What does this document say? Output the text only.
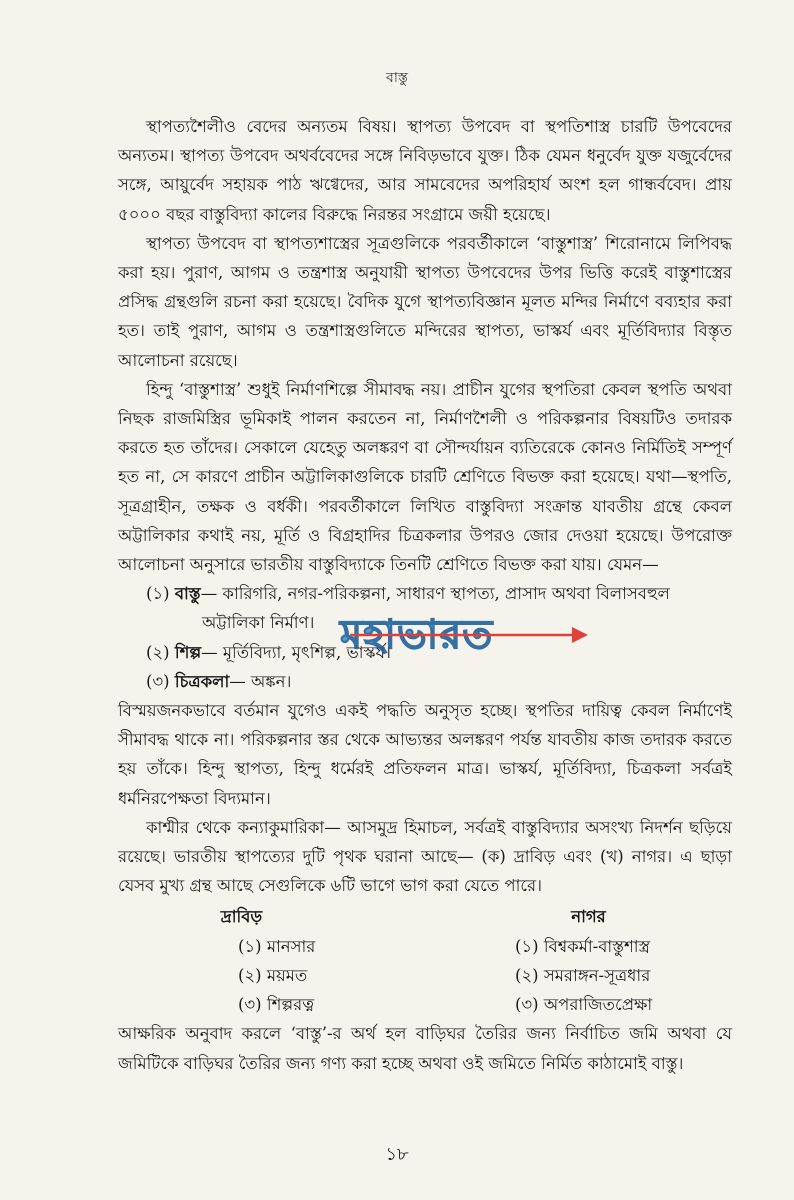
বাস্তু

স্থাপত্যশৈলীও বেদের অন্যতম বিষয়। স্থাপত্য উপবেদ বা স্থপতিশাস্ত্র চারটি উপবেদের অন্যতম। স্থাপত্য উপবেদ অথর্ববেদের সঙ্গে নিবিড়ভাবে যুক্ত। ঠিক যেমন ধনুর্বেদ যুক্ত যজুর্বেদের সঙ্গে, আয়ুর্বেদ সহায়ক পাঠ ঋগ্বেদের, আর সামবেদের অপরিহার্য অংশ হল গান্ধর্ববেদ। প্রায় ৫০০০ বছর বাস্তুবিদ্যা কালের বিরুদ্ধে নিরন্তর সংগ্রামে জয়ী হয়েছে।

স্থাপত্য উপবেদ বা স্থাপত্যশাস্ত্রের সূত্রগুলিকে পরবর্তীকালে ‘বাস্তুশাস্ত্র’ শিরোনামে লিপিবদ্ধ করা হয়। পুরাণ, আগম ও তন্ত্রশাস্ত্র অনুযায়ী স্থাপত্য উপবেদের উপর ভিত্তি করেই বাস্তুশাস্ত্রের প্রসিদ্ধ গ্রন্থগুলি রচনা করা হয়েছে। বৈদিক যুগে স্থাপত্যবিজ্ঞান মূলত মন্দির নির্মাণে বব্যহার করা হত। তাই পুরাণ, আগম ও তন্ত্রশাস্ত্রগুলিতে মন্দিরের স্থাপত্য, ভাস্কর্য এবং মূর্তিবিদ্যার বিস্তৃত আলোচনা রয়েছে।

হিন্দু ‘বাস্তুশাস্ত্র’ শুধুই নির্মাণশিল্পে সীমাবদ্ধ নয়। প্রাচীন যুগের স্থপতিরা কেবল স্থপতি অথবা নিছক রাজমিস্ত্রির ভূমিকাই পালন করতেন না, নির্মাণশৈলী ও পরিকল্পনার বিষয়টিও তদারক করতে হত তাঁদের। সেকালে যেহেতু অলঙ্করণ বা সৌন্দর্যায়ন ব্যতিরেকে কোনও নির্মিতিই সম্পূর্ণ হত না, সে কারণে প্রাচীন অট্টালিকাগুলিকে চারটি শ্রেণিতে বিভক্ত করা হয়েছে। যথা—স্থপতি, সূত্রগ্রাহীন, তক্ষক ও বর্ধকী। পরবর্তীকালে লিখিত বাস্তুবিদ্যা সংক্রান্ত যাবতীয় গ্রন্থে কেবল অট্টালিকার কথাই নয়, মূর্তি ও বিগ্রহাদির চিত্রকলার উপরও জোর দেওয়া হয়েছে। উপরোক্ত আলোচনা অনুসারে ভারতীয় বাস্তুবিদ্যাকে তিনটি শ্রেণিতে বিভক্ত করা যায়। যেমন—

(১) বাস্তু— কারিগরি, নগর-পরিকল্পনা, সাধারণ স্থাপত্য, প্রাসাদ অথবা বিলাসবহুল
অট্টালিকা নির্মাণ।

(২) শিল্প— মূর্তিবিদ্যা, মৃৎশিল্প, ভাস্কর্য।

(৩) চিত্রকলা— অঙ্কন।

বিস্ময়জনকভাবে বর্তমান যুগেও একই পদ্ধতি অনুসৃত হচ্ছে। স্থপতির দায়িত্ব কেবল নির্মাণেই সীমাবদ্ধ থাকে না। পরিকল্পনার স্তর থেকে আভ্যন্তর অলঙ্করণ পর্যন্ত যাবতীয় কাজ তদারক করতে হয় তাঁকে। হিন্দু স্থাপত্য, হিন্দু ধর্মেরই প্রতিফলন মাত্র। ভাস্কর্য, মূর্তিবিদ্যা, চিত্রকলা সর্বত্রই ধর্মনিরপেক্ষতা বিদ্যমান।

কাশ্মীর থেকে কন্যাকুমারিকা— আসমুদ্র হিমাচল, সর্বত্রই বাস্তুবিদ্যার অসংখ্য নিদর্শন ছড়িয়ে রয়েছে। ভারতীয় স্থাপত্যের দুটি পৃথক ঘরানা আছে— (ক) দ্রাবিড় এবং (খ) নাগর। এ ছাড়া যেসব মুখ্য গ্রন্থ আছে সেগুলিকে ৬টি ভাগে ভাগ করা যেতে পারে।

দ্রাবিড়	নাগর
(১) মানসার	(১) বিশ্বকর্মা-বাস্তুশাস্ত্র
(২) ময়মত	(২) সমরাঙ্গন-সূত্রধার
(৩) শিল্পরত্ন	(৩) অপরাজিতপ্রেক্ষা

আক্ষরিক অনুবাদ করলে ‘বাস্তু’-র অর্থ হল বাড়িঘর তৈরির জন্য নির্বাচিত জমি অথবা যে জমিটিকে বাড়িঘর তৈরির জন্য গণ্য করা হচ্ছে অথবা ওই জমিতে নির্মিত কাঠামোই বাস্তু।

মহাভারত
১৮
